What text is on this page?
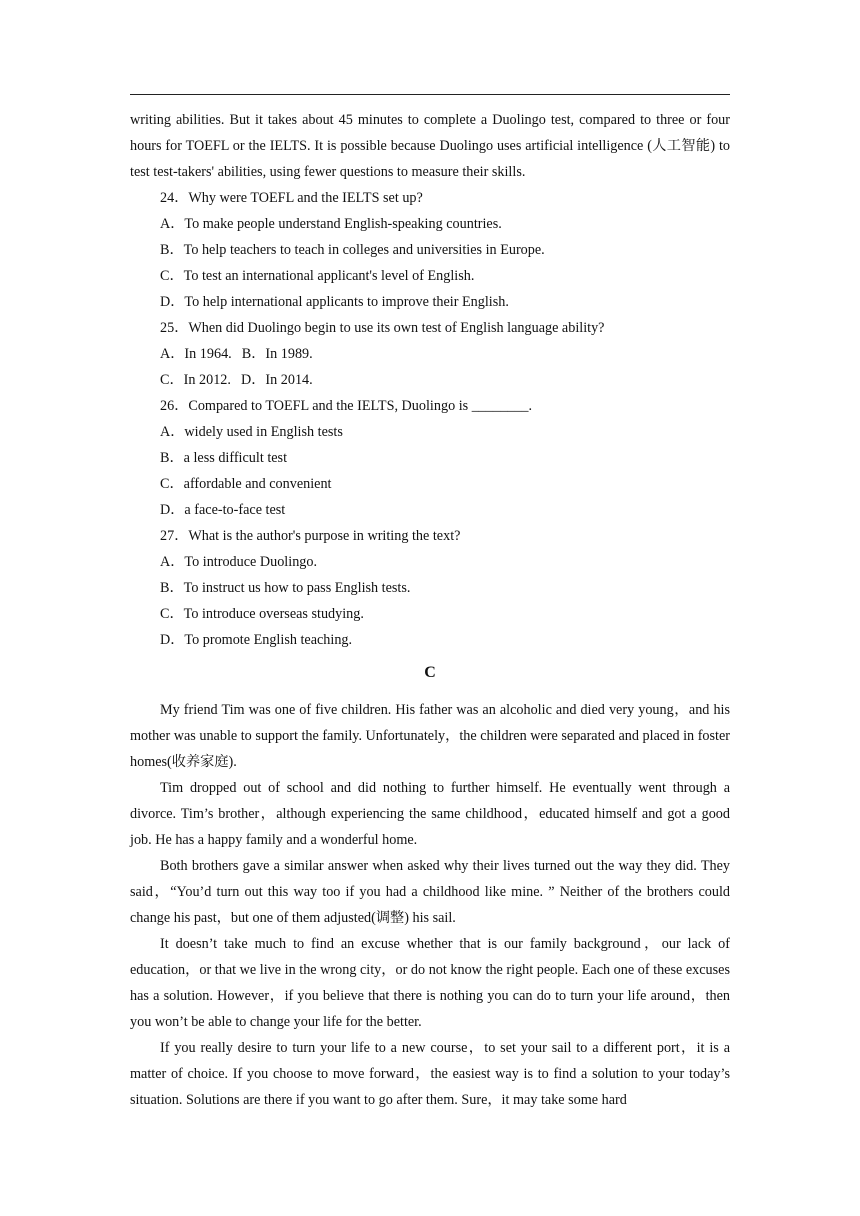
writing abilities. But it takes about 45 minutes to complete a Duolingo test, compared to three or four hours for TOEFL or the IELTS. It is possible because Duolingo uses artificial intelligence (人工智能) to test test-takers' abilities, using fewer questions to measure their skills.

24．Why were TOEFL and the IELTS set up?

A．To make people understand English-speaking countries.

B．To help teachers to teach in colleges and universities in Europe.

C．To test an international applicant's level of English.

D．To help international applicants to improve their English.

25．When did Duolingo begin to use its own test of English language ability?

A．In 1964. B．In 1989.

C．In 2012. D．In 2014.

26．Compared to TOEFL and the IELTS, Duolingo is ________.

A．widely used in English tests

B．a less difficult test

C．affordable and convenient

D．a face-to-face test

27．What is the author's purpose in writing the text?

A．To introduce Duolingo.

B．To instruct us how to pass English tests.

C．To introduce overseas studying.

D．To promote English teaching.

C

My friend Tim was one of five children. His father was an alcoholic and died very young，and his mother was unable to support the family. Unfortunately，the children were separated and placed in foster homes(收养家庭).

Tim dropped out of school and did nothing to further himself. He eventually went through a divorce. Tim’s brother，although experiencing the same childhood，educated himself and got a good job. He has a happy family and a wonderful home.

Both brothers gave a similar answer when asked why their lives turned out the way they did. They said，“You’d turn out this way too if you had a childhood like mine. ” Neither of the brothers could change his past，but one of them adjusted(调整) his sail.

It doesn’t take much to find an excuse whether that is our family background，our lack of education，or that we live in the wrong city，or do not know the right people. Each one of these excuses has a solution. However，if you believe that there is nothing you can do to turn your life around，then you won’t be able to change your life for the better.

If you really desire to turn your life to a new course，to set your sail to a different port，it is a matter of choice. If you choose to move forward，the easiest way is to find a solution to your today’s situation. Solutions are there if you want to go after them. Sure，it may take some hard
